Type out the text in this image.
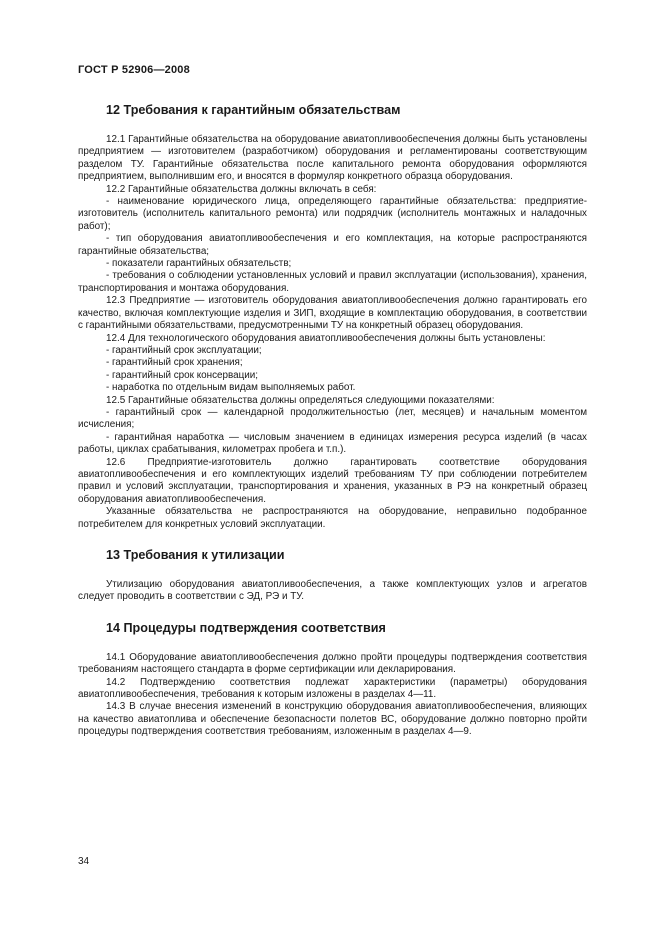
ГОСТ Р 52906—2008
12 Требования к гарантийным обязательствам

12.1 Гарантийные обязательства на оборудование авиатопливообеспечения должны быть установлены предприятием — изготовителем (разработчиком) оборудования и регламентированы соответствующим разделом ТУ. Гарантийные обязательства после капитального ремонта оборудования оформляются предприятием, выполнившим его, и вносятся в формуляр конкретного образца оборудования.

12.2 Гарантийные обязательства должны включать в себя:

- наименование юридического лица, определяющего гарантийные обязательства: предприятие-изготовитель (исполнитель капитального ремонта) или подрядчик (исполнитель монтажных и наладочных работ);

- тип оборудования авиатопливообеспечения и его комплектация, на которые распространяются гарантийные обязательства;

- показатели гарантийных обязательств;

- требования о соблюдении установленных условий и правил эксплуатации (использования), хранения, транспортирования и монтажа оборудования.

12.3 Предприятие — изготовитель оборудования авиатопливообеспечения должно гарантировать его качество, включая комплектующие изделия и ЗИП, входящие в комплектацию оборудования, в соответствии с гарантийными обязательствами, предусмотренными ТУ на конкретный образец оборудования.

12.4 Для технологического оборудования авиатопливообеспечения должны быть установлены:

- гарантийный срок эксплуатации;

- гарантийный срок хранения;

- гарантийный срок консервации;

- наработка по отдельным видам выполняемых работ.

12.5 Гарантийные обязательства должны определяться следующими показателями:

- гарантийный срок — календарной продолжительностью (лет, месяцев) и начальным моментом исчисления;

- гарантийная наработка — числовым значением в единицах измерения ресурса изделий (в часах работы, циклах срабатывания, километрах пробега и т.п.).

12.6 Предприятие-изготовитель должно гарантировать соответствие оборудования авиатопливообеспечения и его комплектующих изделий требованиям ТУ при соблюдении потребителем правил и условий эксплуатации, транспортирования и хранения, указанных в РЭ на конкретный образец оборудования авиатопливообеспечения.

Указанные обязательства не распространяются на оборудование, неправильно подобранное потребителем для конкретных условий эксплуатации.

13 Требования к утилизации

Утилизацию оборудования авиатопливообеспечения, а также комплектующих узлов и агрегатов следует проводить в соответствии с ЭД, РЭ и ТУ.

14 Процедуры подтверждения соответствия

14.1 Оборудование авиатопливообеспечения должно пройти процедуры подтверждения соответствия требованиям настоящего стандарта в форме сертификации или декларирования.

14.2 Подтверждению соответствия подлежат характеристики (параметры) оборудования авиатопливообеспечения, требования к которым изложены в разделах 4—11.

14.3 В случае внесения изменений в конструкцию оборудования авиатопливообеспечения, влияющих на качество авиатоплива и обеспечение безопасности полетов ВС, оборудование должно повторно пройти процедуры подтверждения соответствия требованиям, изложенным в разделах 4—9.

34
